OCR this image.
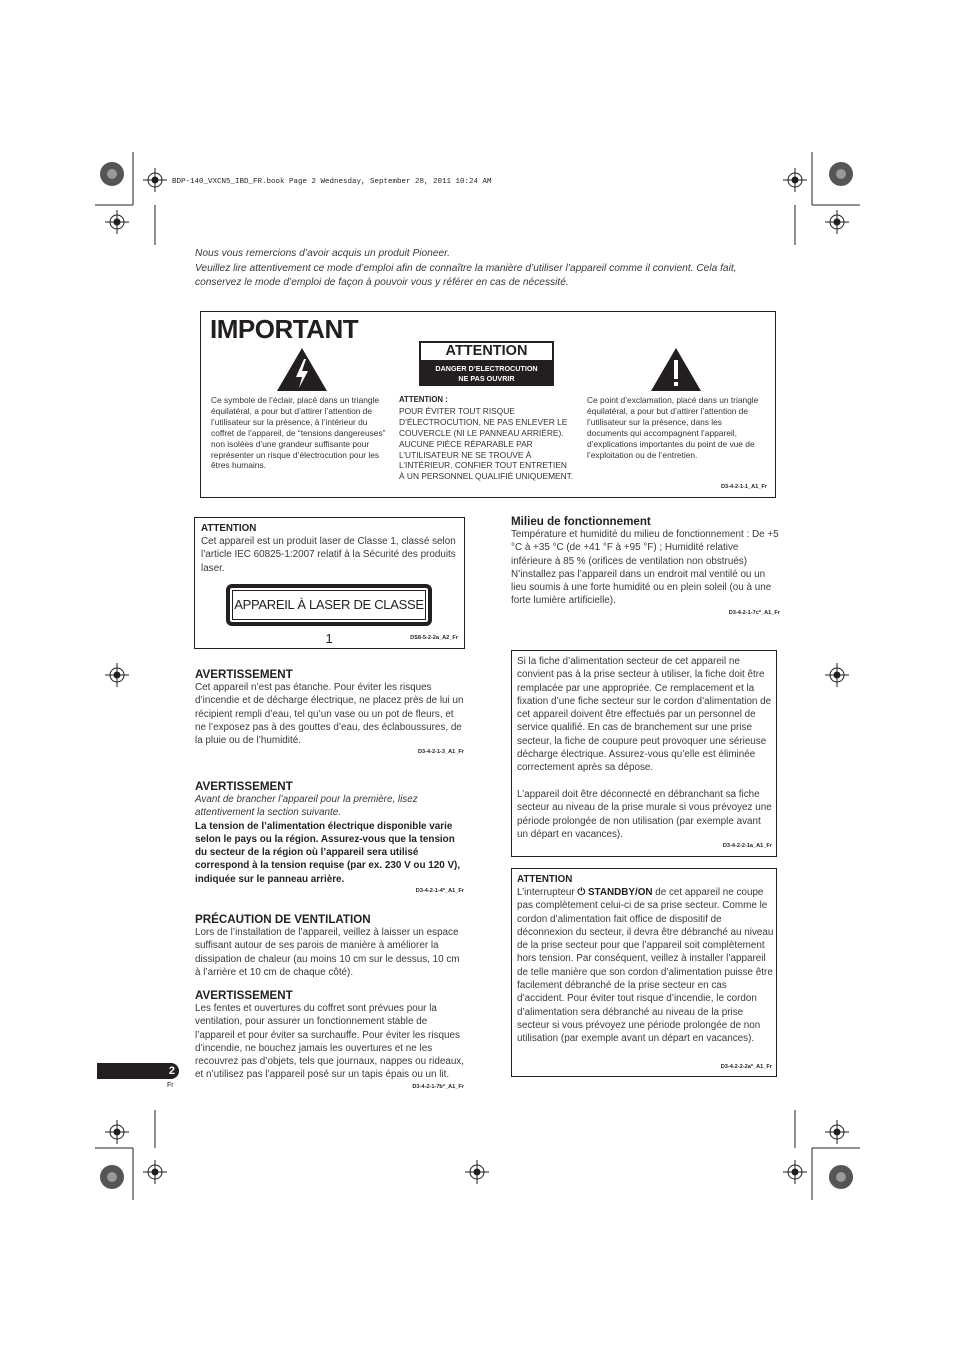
BDP-140_VXCN5_IBD_FR.book Page 2 Wednesday, September 28, 2011 10:24 AM
Nous vous remercions d’avoir acquis un produit Pioneer.
Veuillez lire attentivement ce mode d’emploi afin de connaître la manière d’utiliser l’appareil comme il convient. Cela fait, conservez le mode d’emploi de façon à pouvoir vous y référer en cas de nécessité.
IMPORTANT
ATTENTION
DANGER D’ELECTROCUTION
NE PAS OUVRIR
Ce symbole de l’éclair, placé dans un triangle équilatéral, a pour but d’attirer l’attention de l’utilisateur sur la présence, à l’intérieur du coffret de l’appareil, de “tensions dangereuses” non isolées d’une grandeur suffisante pour représenter un risque d’électrocution pour les êtres humains.
ATTENTION :
POUR ÉVITER TOUT RISQUE D’ÉLECTROCUTION, NE PAS ENLEVER LE COUVERCLE (NI LE PANNEAU ARRIÈRE). AUCUNE PIÈCE RÉPARABLE PAR L’UTILISATEUR NE SE TROUVE À L’INTÉRIEUR. CONFIER TOUT ENTRETIEN À UN PERSONNEL QUALIFIÉ UNIQUEMENT.
Ce point d’exclamation, placé dans un triangle équilatéral, a pour but d’attirer l’attention de l’utilisateur sur la présence, dans les documents qui accompagnent l’appareil, d’explications importantes du point de vue de l’exploitation ou de l’entretien.
D3-4-2-1-1_A1_Fr
ATTENTION
Cet appareil est un produit laser de Classe 1, classé selon l’article IEC 60825-1:2007 relatif à la Sécurité des produits laser.
APPAREIL À LASER DE CLASSE 1	DS8-5-2-2a_A2_Fr
AVERTISSEMENT
Cet appareil n’est pas étanche. Pour éviter les risques d’incendie et de décharge électrique, ne placez près de lui un récipient rempli d’eau, tel qu’un vase ou un pot de fleurs, et ne l’exposez pas à des gouttes d’eau, des éclaboussures, de la pluie ou de l’humidité.
D3-4-2-1-3_A1_Fr
AVERTISSEMENT
Avant de brancher l’appareil pour la première, lisez attentivement la section suivante.
La tension de l’alimentation électrique disponible varie selon le pays ou la région. Assurez-vous que la tension du secteur de la région où l’appareil sera utilisé correspond à la tension requise (par ex. 230 V ou 120 V), indiquée sur le panneau arrière.
D3-4-2-1-4*_A1_Fr
PRÉCAUTION DE VENTILATION
Lors de l’installation de l’appareil, veillez à laisser un espace suffisant autour de ses parois de manière à améliorer la dissipation de chaleur (au moins 10 cm sur le dessus, 10 cm à l’arrière et 10 cm de chaque côté).
AVERTISSEMENT
Les fentes et ouvertures du coffret sont prévues pour la ventilation, pour assurer un fonctionnement stable de l’appareil et pour éviter sa surchauffe. Pour éviter les risques d’incendie, ne bouchez jamais les ouvertures et ne les recouvrez pas d’objets, tels que journaux, nappes ou rideaux, et n’utilisez pas l’appareil posé sur un tapis épais ou un lit.
D3-4-2-1-7b*_A1_Fr
Milieu de fonctionnement
Température et humidité du milieu de fonctionnement : De +5 °C à +35 °C (de +41 °F à +95 °F) ; Humidité relative inférieure à 85 % (orifices de ventilation non obstrués)
N’installez pas l’appareil dans un endroit mal ventilé ou un lieu soumis à une forte humidité ou en plein soleil (ou à une forte lumière artificielle).
D3-4-2-1-7c*_A1_Fr
Si la fiche d’alimentation secteur de cet appareil ne convient pas à la prise secteur à utiliser, la fiche doit être remplacée par une appropriée. Ce remplacement et la fixation d’une fiche secteur sur le cordon d’alimentation de cet appareil doivent être effectués par un personnel de service qualifié. En cas de branchement sur une prise secteur, la fiche de coupure peut provoquer une sérieuse décharge électrique. Assurez-vous qu’elle est éliminée correctement après sa dépose.
L’appareil doit être déconnecté en débranchant sa fiche secteur au niveau de la prise murale si vous prévoyez une période prolongée de non utilisation (par exemple avant un départ en vacances).
D3-4-2-2-1a_A1_Fr
ATTENTION
L’interrupteur ⏻ STANDBY/ON de cet appareil ne coupe pas complètement celui-ci de sa prise secteur. Comme le cordon d’alimentation fait office de dispositif de déconnexion du secteur, il devra être débranché au niveau de la prise secteur pour que l’appareil soit complètement hors tension. Par conséquent, veillez à installer l’appareil de telle manière que son cordon d’alimentation puisse être facilement débranché de la prise secteur en cas d’accident. Pour éviter tout risque d’incendie, le cordon d’alimentation sera débranché au niveau de la prise secteur si vous prévoyez une période prolongée de non utilisation (par exemple avant un départ en vacances).
D3-4-2-2-2a*_A1_Fr
2
Fr
